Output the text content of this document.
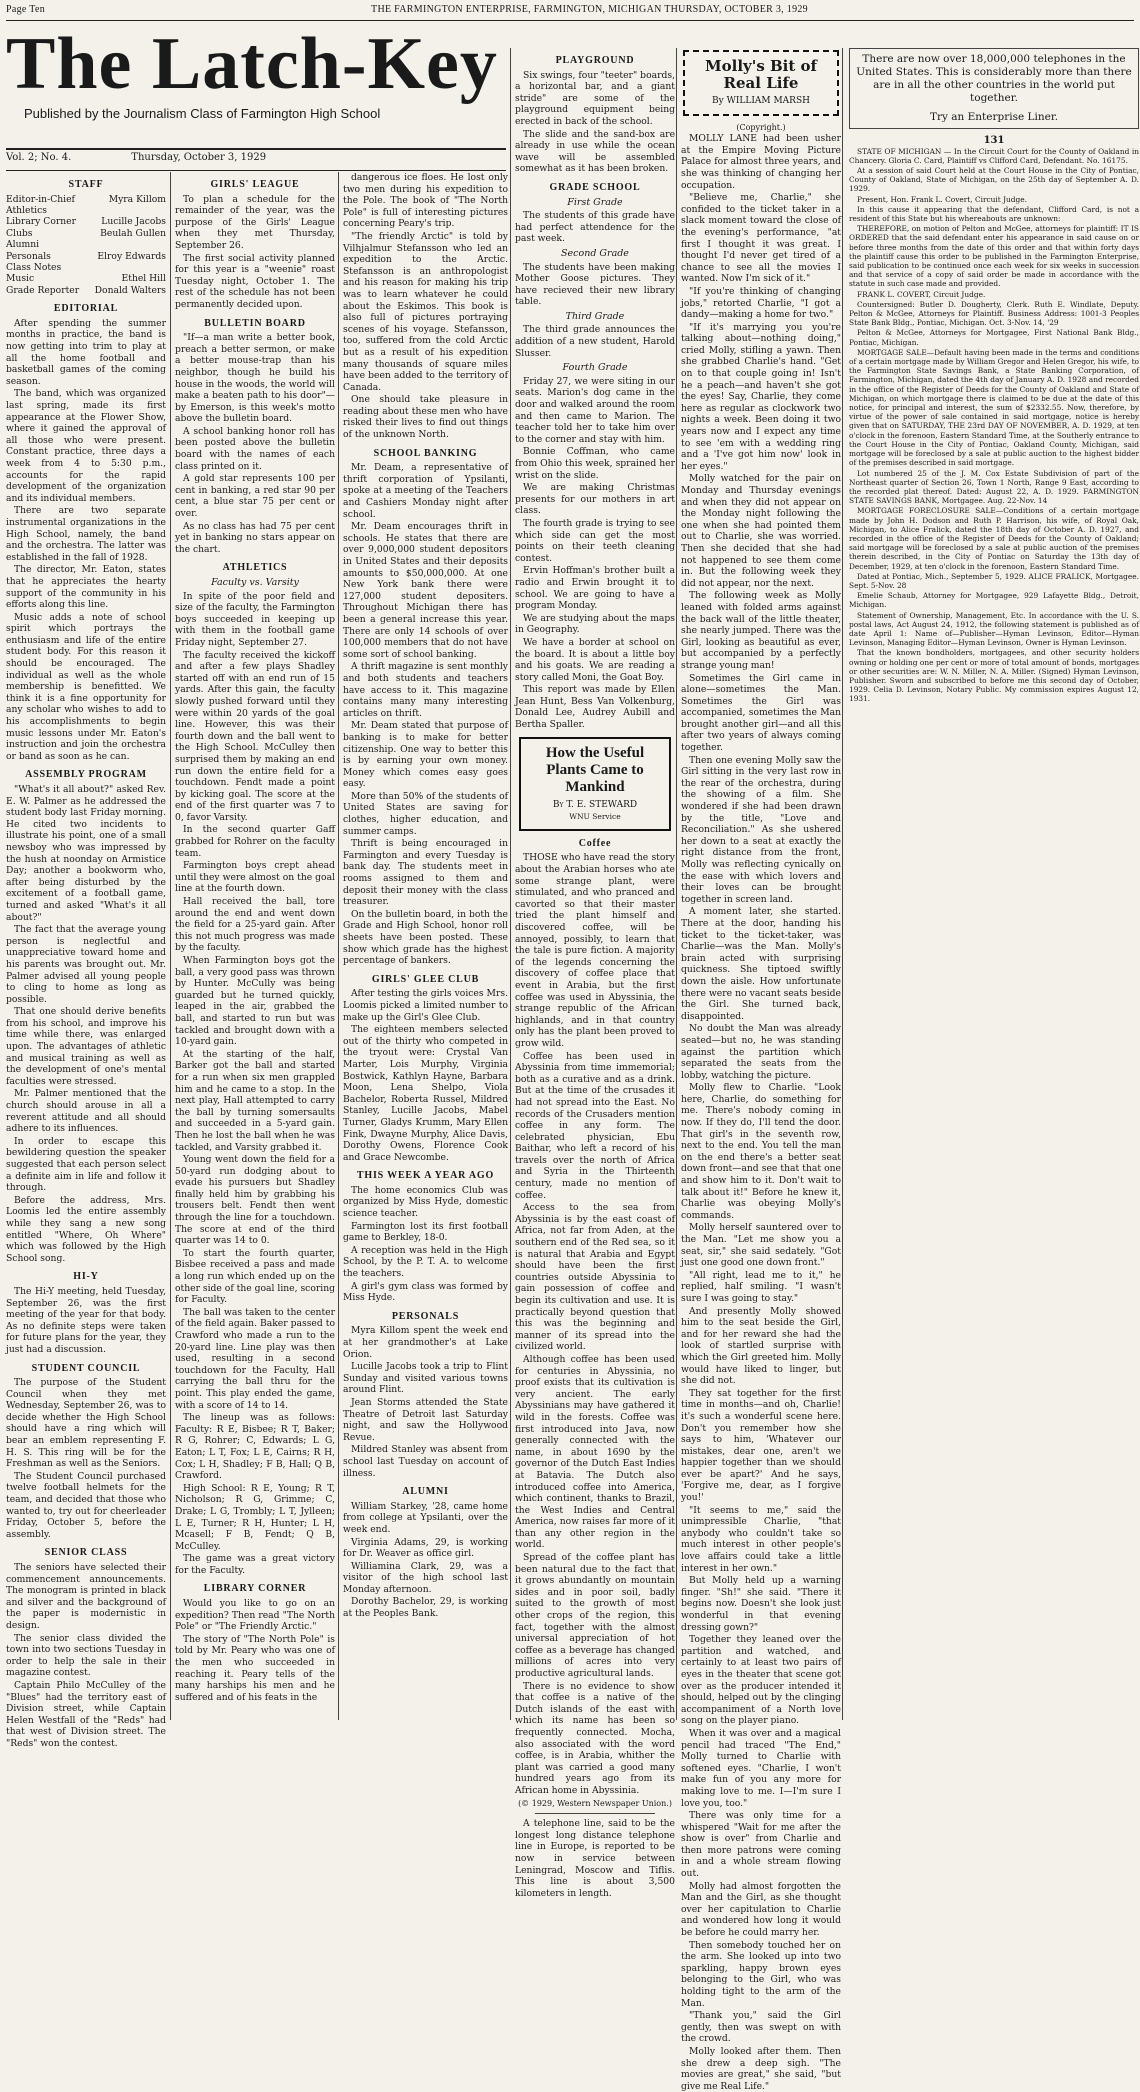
Page Ten	THE FARMINGTON ENTERPRISE, FARMINGTON, MICHIGAN THURSDAY, OCTOBER 3, 1929
The Latch-Key
Published by the Journalism Class of Farmington High School
Vol. 2; No. 4.	Thursday, October 3, 1929
STAFF
Editor-in-Chief	Myra Killom
Athletics
Library Corner	Lucille Jacobs
Clubs	Beulah Gullen
Alumni
Personals	Elroy Edwards
Class Notes
Music	Ethel Hill
Grade Reporter Donald Walters
EDITORIAL

After spending the summer months in practice, the band is now getting into trim to play at all the home football and basketball games of the coming season.

The band, which was organized last spring, made its first appearance at the Flower Show, where it gained the approval of all those who were present. Constant practice, three days a week from 4 to 5:30 p.m., accounts for the rapid development of the organization and its individual members.

There are two separate instrumental organizations in the High School, namely, the band and the orchestra. The latter was established in the fall of 1928.

The director, Mr. Eaton, states that he appreciates the hearty support of the community in his efforts along this line.

Music adds a note of school spirit which portrays the enthusiasm and life of the entire student body. For this reason it should be encouraged. The individual as well as the whole membership is benefitted. We think it is a fine opportunity for any scholar who wishes to add to his accomplishments to begin music lessons under Mr. Eaton's instruction and join the orchestra or band as soon as he can.

ASSEMBLY PROGRAM

"What's it all about?" asked Rev. E. W. Palmer as he addressed the student body last Friday morning. He cited two incidents to illustrate his point, one of a small newsboy who was impressed by the hush at noonday on Armistice Day; another a bookworm who, after being disturbed by the excitement of a football game, turned and asked "What's it all about?"

The fact that the average young person is neglectful and unappreciative toward home and his parents was brought out. Mr. Palmer advised all young people to cling to home as long as possible.

That one should derive benefits from his school, and improve his time while there, was enlarged upon. The advantages of athletic and musical training as well as the development of one's mental faculties were stressed.

Mr. Palmer mentioned that the church should arouse in all a reverent attitude and all should adhere to its influences.

In order to escape this bewildering question the speaker suggested that each person select a definite aim in life and follow it through.

Before the address, Mrs. Loomis led the entire assembly while they sang a new song entitled "Where, Oh Where" which was followed by the High School song.

HI-Y

The Hi-Y meeting, held Tuesday, September 26, was the first meeting of the year for that body. As no definite steps were taken for future plans for the year, they just had a discussion.

STUDENT COUNCIL

The purpose of the Student Council when they met Wednesday, September 26, was to decide whether the High School should have a ring which will bear an emblem representing F. H. S. This ring will be for the Freshman as well as the Seniors.

The Student Council purchased twelve football helmets for the team, and decided that those who wanted to, try out for cheerleader Friday, October 5, before the assembly.

SENIOR CLASS

The seniors have selected their commencement announcements. The monogram is printed in black and silver and the background of the paper is modernistic in design.

The senior class divided the town into two sections Tuesday in order to help the sale in their magazine contest.

Captain Philo McCulley of the "Blues" had the territory east of Division street, while Captain Helen Westfall of the "Reds" had that west of Division street. The "Reds" won the contest.

GIRLS' LEAGUE

To plan a schedule for the remainder of the year, was the purpose of the Girls' League when they met Thursday, September 26.

The first social activity planned for this year is a "weenie" roast Tuesday night, October 1. The rest of the schedule has not been permanently decided upon.

BULLETIN BOARD

"If—a man write a better book, preach a better sermon, or make a better mouse-trap than his neighbor, though he build his house in the woods, the world will make a beaten path to his door"—by Emerson, is this week's motto above the bulletin board.

A school banking honor roll has been posted above the bulletin board with the names of each class printed on it.

A gold star represents 100 per cent in banking, a red star 90 per cent, a blue star 75 per cent or over.

As no class has had 75 per cent yet in banking no stars appear on the chart.

ATHLETICS
Faculty vs. Varsity

In spite of the poor field and size of the faculty, the Farmington boys succeeded in keeping up with them in the football game Friday night, September 27.

The faculty received the kickoff and after a few plays Shadley started off with an end run of 15 yards. After this gain, the faculty slowly pushed forward until they were within 20 yards of the goal line. However, this was their fourth down and the ball went to the High School. McCulley then surprised them by making an end run down the entire field for a touchdown. Fendt made a point by kicking goal. The score at the end of the first quarter was 7 to 0, favor Varsity.

In the second quarter Gaff grabbed for Rohrer on the faculty team.

Farmington boys crept ahead until they were almost on the goal line at the fourth down.

Hall received the ball, tore around the end and went down the field for a 25-yard gain. After this not much progress was made by the faculty.

When Farmington boys got the ball, a very good pass was thrown by Hunter. McCully was being guarded but he turned quickly, leaped in the air, grabbed the ball, and started to run but was tackled and brought down with a 10-yard gain.

At the starting of the half, Barker got the ball and started for a run when six men grappled him and he came to a stop. In the next play, Hall attempted to carry the ball by turning somersaults and succeeded in a 5-yard gain. Then he lost the ball when he was tackled, and Varsity grabbed it.

Young went down the field for a 50-yard run dodging about to evade his pursuers but Shadley finally held him by grabbing his trousers belt. Fendt then went through the line for a touchdown. The score at end of the third quarter was 14 to 0.

To start the fourth quarter, Bisbee received a pass and made a long run which ended up on the other side of the goal line, scoring for Faculty.

The ball was taken to the center of the field again. Baker passed to Crawford who made a run to the 20-yard line. Line play was then used, resulting in a second touchdown for the Faculty, Hall carrying the ball thru for the point. This play ended the game, with a score of 14 to 14.

The lineup was as follows: Faculty: R E, Bisbee; R T, Baker; R G, Rohrer; C, Edwards; L G, Eaton; L T, Fox; L E, Cairns; R H, Cox; L H, Shadley; F B, Hall; Q B, Crawford.

High School: R E, Young; R T, Nicholson; R G, Grimme; C, Drake; L G, Trombly; L T, Jylleen; L E, Turner; R H, Hunter; L H, Mcasell; F B, Fendt; Q B, McCulley.

The game was a great victory for the Faculty.

LIBRARY CORNER

Would you like to go on an expedition? Then read "The North Pole" or "The Friendly Arctic."

The story of "The North Pole" is told by Mr. Peary who was one of the men who succeeded in reaching it. Peary tells of the many harships his men and he suffered and of his feats in the

dangerous ice floes. He lost only two men during his expedition to the Pole. The book of "The North Pole" is full of interesting pictures concerning Peary's trip.

"The friendly Arctic" is told by Vilhjalmur Stefansson who led an expedition to the Arctic. Stefansson is an anthropologist and his reason for making his trip was to learn whatever he could about the Eskimos. This book is also full of pictures portraying scenes of his voyage. Stefansson, too, suffered from the cold Arctic but as a result of his expedition many thousands of square miles have been added to the territory of Canada.

One should take pleasure in reading about these men who have risked their lives to find out things of the unknown North.

SCHOOL BANKING

Mr. Deam, a representative of thrift corporation of Ypsilanti, spoke at a meeting of the Teachers and Cashiers Monday night after school.

Mr. Deam encourages thrift in schools. He states that there are over 9,000,000 student depositors in United States and their deposits amounts to $50,000,000. At one New York bank there were 127,000 student depositers. Throughout Michigan there has been a general increase this year. There are only 14 schools of over 100,000 members that do not have some sort of school banking.

A thrift magazine is sent monthly and both students and teachers have access to it. This magazine contains many many interesting articles on thrift.

Mr. Deam stated that purpose of banking is to make for better citizenship. One way to better this is by earning your own money. Money which comes easy goes easy.

More than 50% of the students of United States are saving for clothes, higher education, and summer camps.

Thrift is being encouraged in Farmington and every Tuesday is bank day. The students meet in rooms assigned to them and deposit their money with the class treasurer.

On the bulletin board, in both the Grade and High School, honor roll sheets have been posted. These show which grade has the highest percentage of bankers.

GIRLS' GLEE CLUB

After testing the girls voices Mrs. Loomis picked a limited number to make up the Girl's Glee Club.

The eighteen members selected out of the thirty who competed in the tryout were: Crystal Van Marter, Lois Murphy, Virginia Bostwick, Kathlyn Hayne, Barbara Moon, Lena Shelpo, Viola Bachelor, Roberta Russel, Mildred Stanley, Lucille Jacobs, Mabel Turner, Gladys Krumm, Mary Ellen Fink, Dwayne Murphy, Alice Davis, Dorothy Owens, Florence Cook and Grace Newcombe.

THIS WEEK A YEAR AGO

The home economics Club was organized by Miss Hyde, domestic science teacher.

Farmington lost its first football game to Berkley, 18-0.

A reception was held in the High School, by the P. T. A. to welcome the teachers.

A girl's gym class was formed by Miss Hyde.

PERSONALS

Myra Killom spent the week end at her grandmother's at Lake Orion.

Lucille Jacobs took a trip to Flint Sunday and visited various towns around Flint.

Jean Storms attended the State Theatre of Detroit last Saturday night, and saw the Hollywood Revue.

Mildred Stanley was absent from school last Tuesday on account of illness.

ALUMNI

William Starkey, '28, came home from college at Ypsilanti, over the week end.

Virginia Adams, 29, is working for Dr. Weaver as office girl.

Williamina Clark, 29, was a visitor of the high school last Monday afternoon.

Dorothy Bachelor, 29, is working at the Peoples Bank.

PLAYGROUND

Six swings, four "teeter" boards, a horizontal bar, and a giant stride" are some of the playground equipment being erected in back of the school.

The slide and the sand-box are already in use while the ocean wave will be assembled somewhat as it has been broken.

GRADE SCHOOL
First Grade

The students of this grade have had perfect attendence for the past week.

Second Grade

The students have been making Mother Goose pictures. They have recieved their new library table.

Third Grade

The third grade announces the addition of a new student, Harold Slusser.

Fourth Grade

Friday 27, we were siting in our seats. Marion's dog came in the door and walked around the room and then came to Marion. The teacher told her to take him over to the corner and stay with him.

Bonnie Coffman, who came from Ohio this week, sprained her wrist on the slide.

We are making Christmas presents for our mothers in art class.

The fourth grade is trying to see which side can get the most points on their teeth cleaning contest.

Ervin Hoffman's brother built a radio and Erwin brought it to school. We are going to have a program Monday.

We are studying about the maps in Geography.

We have a border at school on the board. It is about a little boy and his goats. We are reading a story called Moni, the Goat Boy.

This report was made by Ellen Jean Hunt, Bess Van Volkenburg, Donald Lee, Audrey Aubill and Bertha Spaller.

How the Useful Plants Came to Mankind
By T. E. STEWARD
WNU Service
Coffee

THOSE who have read the story about the Arabian horses who ate some strange plant, were stimulated, and who pranced and cavorted so that their master tried the plant himself and discovered coffee, will be annoyed, possibly, to learn that the tale is pure fiction. A majority of the legends concerning the discovery of coffee place that event in Arabia, but the first coffee was used in Abyssinia, the strange republic of the African highlands, and in that country only has the plant been proved to grow wild.

Coffee has been used in Abyssinia from time immemorial; both as a curative and as a drink. But at the time of the crusades it had not spread into the East. No records of the Crusaders mention coffee in any form. The celebrated physician, Ebu Baithar, who left a record of his travels over the north of Africa and Syria in the Thirteenth century, made no mention of coffee.

Access to the sea from Abyssinia is by the east coast of Africa, not far from Aden, at the southern end of the Red sea, so it is natural that Arabia and Egypt should have been the first countries outside Abyssinia to gain possession of coffee and begin its cultivation and use. It is practically beyond question that this was the beginning and manner of its spread into the civilized world.

Although coffee has been used for centuries in Abyssinia, no proof exists that its cultivation is very ancient. The early Abyssinians may have gathered it wild in the forests. Coffee was first introduced into Java, now generally connected with the name, in about 1690 by the governor of the Dutch East Indies at Batavia. The Dutch also introduced coffee into America, which continent, thanks to Brazil, the West Indies and Central America, now raises far more of it than any other region in the world.

Spread of the coffee plant has been natural due to the fact that it grows abundantly on mountain sides and in poor soil, badly suited to the growth of most other crops of the region, this fact, together with the almost universal appreciation of hot coffee as a beverage has changed millions of acres into very productive agricultural lands.

There is no evidence to show that coffee is a native of the Dutch islands of the east with which its name has been so frequently connected. Mocha, also associated with the word coffee, is in Arabia, whither the plant was carried a good many hundred years ago from its African home in Abyssinia.

(© 1929, Western Newspaper Union.)

A telephone line, said to be the longest long distance telephone line in Europe, is reported to be now in service between Leningrad, Moscow and Tiflis. This line is about 3,500 kilometers in length.

Molly's Bit of Real Life
By WILLIAM MARSH
(Copyright.)

MOLLY LANE had been usher at the Empire Moving Picture Palace for almost three years, and she was thinking of changing her occupation.

"Believe me, Charlie," she confided to the ticket taker in a slack moment toward the close of the evening's performance, "at first I thought it was great. I thought I'd never get tired of a chance to see all the movies I wanted. Now I'm sick of it."

"If you're thinking of changing jobs," retorted Charlie, "I got a dandy—making a home for two."

"If it's marrying you you're talking about—nothing doing," cried Molly, stifling a yawn. Then she grabbed Charlie's hand. "Get on to that couple going in! Isn't he a peach—and haven't she got the eyes! Say, Charlie, they come here as regular as clockwork two nights a week. Been doing it two years now and I expect any time to see 'em with a wedding ring and a 'I've got him now' look in her eyes."

Molly watched for the pair on Monday and Thursday evenings and when they did not appear on the Monday night following the one when she had pointed them out to Charlie, she was worried. Then she decided that she had not happened to see them come in. But the following week they did not appear, nor the next.

The following week as Molly leaned with folded arms against the back wall of the little theater, she nearly jumped. There was the Girl, looking as beautiful as ever, but accompanied by a perfectly strange young man!

Sometimes the Girl came in alone—sometimes the Man. Sometimes the Girl was accompanied, sometimes the Man brought another girl—and all this after two years of always coming together.

Then one evening Molly saw the Girl sitting in the very last row in the rear of the orchestra, during the showing of a film. She wondered if she had been drawn by the title, "Love and Reconciliation." As she ushered her down to a seat at exactly the right distance from the front, Molly was reflecting cynically on the ease with which lovers and their loves can be brought together in screen land.

A moment later, she started. There at the door, handing his ticket to the ticket-taker, was Charlie—was the Man. Molly's brain acted with surprising quickness. She tiptoed swiftly down the aisle. How unfortunate there were no vacant seats beside the Girl. She turned back, disappointed.

No doubt the Man was already seated—but no, he was standing against the partition which separated the seats from the lobby, watching the picture.

Molly flew to Charlie. "Look here, Charlie, do something for me. There's nobody coming in now. If they do, I'll tend the door. That girl's in the seventh row, next to the end. You tell the man on the end there's a better seat down front—and see that that one and show him to it. Don't wait to talk about it!" Before he knew it, Charlie was obeying Molly's commands.

Molly herself sauntered over to the Man. "Let me show you a seat, sir," she said sedately. "Got just one good one down front."

"All right, lead me to it," he replied, half smiling. "I wasn't sure I was going to stay."

And presently Molly showed him to the seat beside the Girl, and for her reward she had the look of startled surprise with which the Girl greeted him. Molly would have liked to linger, but she did not.

They sat together for the first time in months—and oh, Charlie! it's such a wonderful scene here. Don't you remember how she says to him, 'Whatever our mistakes, dear one, aren't we happier together than we should ever be apart?' And he says, 'Forgive me, dear, as I forgive you!'

"It seems to me," said the unimpressible Charlie, "that anybody who couldn't take so much interest in other people's love affairs could take a little interest in her own."

But Molly held up a warning finger. "Sh!" she said. "There it begins now. Doesn't she look just wonderful in that evening dressing gown?"

Together they leaned over the partition and watched, and certainly to at least two pairs of eyes in the theater that scene got over as the producer intended it should, helped out by the clinging accompaniment of a North love song on the player piano.

When it was over and a magical pencil had traced "The End," Molly turned to Charlie with softened eyes. "Charlie, I won't make fun of you any more for making love to me. I—I'm sure I love you, too."

There was only time for a whispered "Wait for me after the show is over" from Charlie and then more patrons were coming in and a whole stream flowing out.

Molly had almost forgotten the Man and the Girl, as she thought over her capitulation to Charlie and wondered how long it would be before he could marry her.

Then somebody touched her on the arm. She looked up into two sparkling, happy brown eyes belonging to the Girl, who was holding tight to the arm of the Man.

"Thank you," said the Girl gently, then was swept on with the crowd.

Molly looked after them. Then she drew a deep sigh. "The movies are great," she said, "but give me Real Life."

There are now over 18,000,000 telephones in the United States. This is considerably more than there are in all the other countries in the world put together.
Try an Enterprise Liner.
131

STATE OF MICHIGAN — In the Circuit Court for the County of Oakland in Chancery. Gloria C. Card, Plaintiff vs Clifford Card, Defendant. No. 16175.

At a session of said Court held at the Court House in the City of Pontiac, County of Oakland, State of Michigan, on the 25th day of September A. D. 1929.

Present, Hon. Frank L. Covert, Circuit Judge.

In this cause it appearing that the defendant, Clifford Card, is not a resident of this State but his whereabouts are unknown:

THEREFORE, on motion of Pelton and McGee, attorneys for plaintiff: IT IS ORDERED that the said defendant enter his appearance in said cause on or before three months from the date of this order and that within forty days the plaintiff cause this order to be published in the Farmington Enterprise, said publication to be continued once each week for six weeks in succession and that service of a copy of said order be made in accordance with the statute in such case made and provided.

FRANK L. COVERT, Circuit Judge.

Countersigned: Butler D. Dougherty, Clerk. Ruth E. Windlate, Deputy. Pelton & McGee, Attorneys for Plaintiff. Business Address: 1001-3 Peoples State Bank Bldg., Pontiac, Michigan. Oct. 3-Nov. 14, '29

Pelton & McGee, Attorneys for Mortgagee, First National Bank Bldg., Pontiac, Michigan.

MORTGAGE SALE—Default having been made in the terms and conditions of a certain mortgage made by William Gregor and Helen Gregor, his wife, to the Farmington State Savings Bank, a State Banking Corporation, of Farmington, Michigan, dated the 4th day of January A. D. 1928 and recorded in the office of the Register of Deeds for the County of Oakland and State of Michigan, on which mortgage there is claimed to be due at the date of this notice, for principal and interest, the sum of $2332.55. Now, therefore, by virtue of the power of sale contained in said mortgage, notice is hereby given that on SATURDAY, THE 23rd DAY OF NOVEMBER, A. D. 1929, at ten o'clock in the forenoon, Eastern Standard Time, at the Southerly entrance to the Court House in the City of Pontiac, Oakland County, Michigan, said mortgage will be foreclosed by a sale at public auction to the highest bidder of the premises described in said mortgage.

Lot numbered 25 of the J. M. Cox Estate Subdivision of part of the Northeast quarter of Section 26, Town 1 North, Range 9 East, according to the recorded plat thereof. Dated: August 22, A. D. 1929. FARMINGTON STATE SAVINGS BANK, Mortgagee. Aug. 22-Nov. 14

MORTGAGE FORECLOSURE SALE—Conditions of a certain mortgage made by John H. Dodson and Ruth P. Harrison, his wife, of Royal Oak, Michigan, to Alice Fralick, dated the 18th day of October A. D. 1927, and recorded in the office of the Register of Deeds for the County of Oakland; said mortgage will be foreclosed by a sale at public auction of the premises therein described, in the City of Pontiac on Saturday the 13th day of December, 1929, at ten o'clock in the forenoon, Eastern Standard Time.

Dated at Pontiac, Mich., September 5, 1929. ALICE FRALICK, Mortgagee. Sept. 5-Nov. 28

Emelie Schaub, Attorney for Mortgagee, 929 Lafayette Bldg., Detroit, Michigan.

Statement of Ownership, Management, Etc. In accordance with the U. S. postal laws, Act August 24, 1912, the following statement is published as of date April 1: Name of—Publisher—Hyman Levinson, Editor—Hyman Levinson, Managing Editor—Hyman Levinson, Owner is Hyman Levinson.

That the known bondholders, mortgagees, and other security holders owning or holding one per cent or more of total amount of bonds, mortgages or other securities are: W. N. Miller, N. A. Miller. (Signed) Hyman Levinson, Publisher. Sworn and subscribed to before me this second day of October, 1929. Celia D. Levinson, Notary Public. My commission expires August 12, 1931.
